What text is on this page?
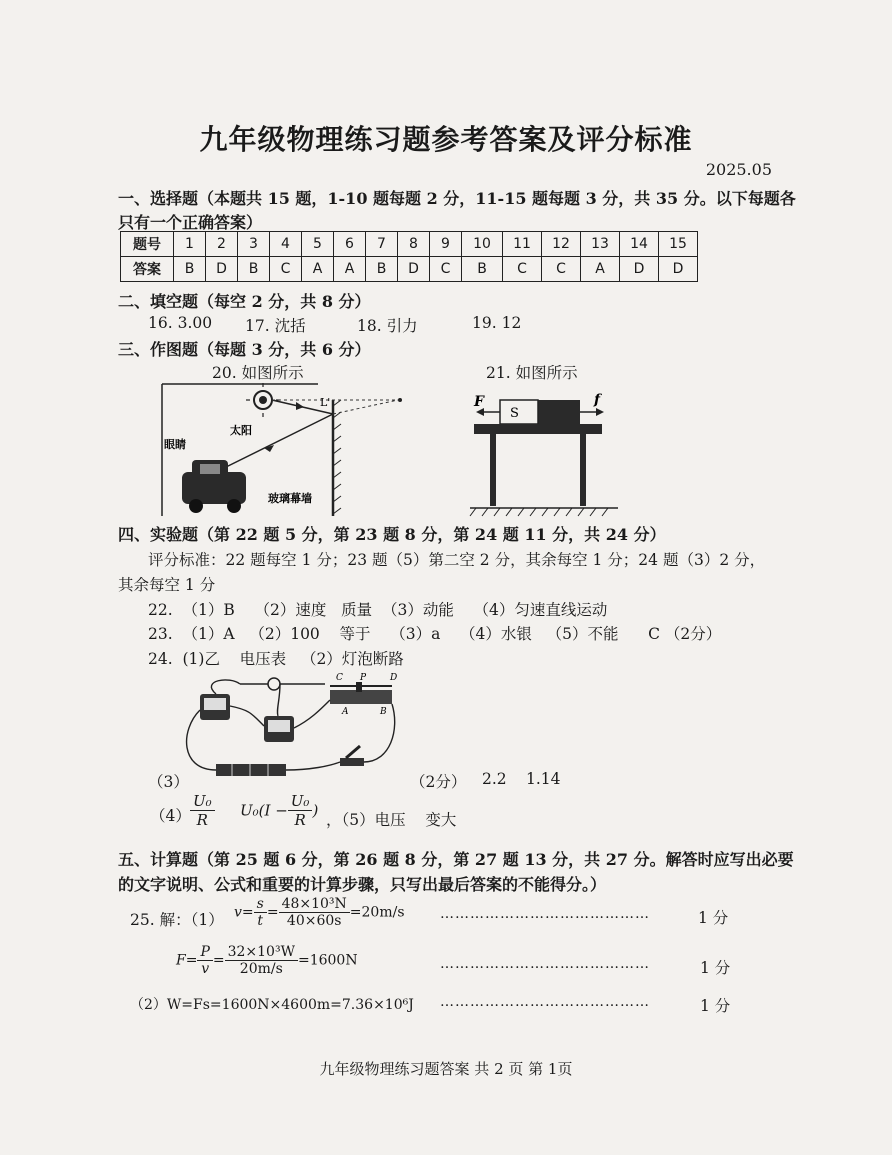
九年级物理练习题参考答案及评分标准
2025.05
一、选择题（本题共 15 题，1-10 题每题 2 分，11-15 题每题 3 分，共 35 分。以下每题各
只有一个正确答案）
题号	1	2	3	4	5	6	7	8	9	10	11	12	13	14	15
答案	B	D	B	C	A	A	B	D	C	B	C	C	A	D	D
二、填空题（每空 2 分，共 8 分）
16. 3.00 17. 沈括	18. 引力	19. 12
三、作图题（每题 3 分，共 6 分）
20. 如图所示	21. 如图所示
L'
眼睛
太阳
玻璃幕墙
S
F	f
四、实验题（第 22 题 5 分，第 23 题 8 分，第 24 题 11 分，共 24 分）
评分标准：22 题每空 1 分；23 题（5）第二空 2 分，其余每空 1 分；24 题（3）2 分，
其余每空 1 分
22.  （1）B    （2）速度   质量  （3）动能    （4）匀速直线运动
23.  （1）A   （2）100    等于    （3）a    （4）水银   （5）不能      C （2分）
24.  (1)乙    电压表   （2）灯泡断路
C P	D
A	B
（3）	（2分） 2.2 1.14
$(4) \frac{\text{U₀}}{R} U_0(I - \frac{\text{U₀}}{R}$ )
，（5）电压    变大
五、计算题（第 25 题 6 分，第 26 题 8 分，第 27 题 13 分，共 27 分。解答时应写出必要
的文字说明、公式和重要的计算步骤，只写出最后答案的不能得分。）
25. 解：（1） $v= \frac{s}{t} = \frac{\text{48×10³N}}{40\times 60s} =20m/s$	……………………………………	1 分
$F= \frac{P}{v} = \frac{\text{32×10³W}}{20m/s} =1600N$	……………………………………	1 分
（2）W=Fs=1600N×4600m=7.36×10⁶J ……………………………………	1 分
九年级物理练习题答案 共 2 页 第 1页
